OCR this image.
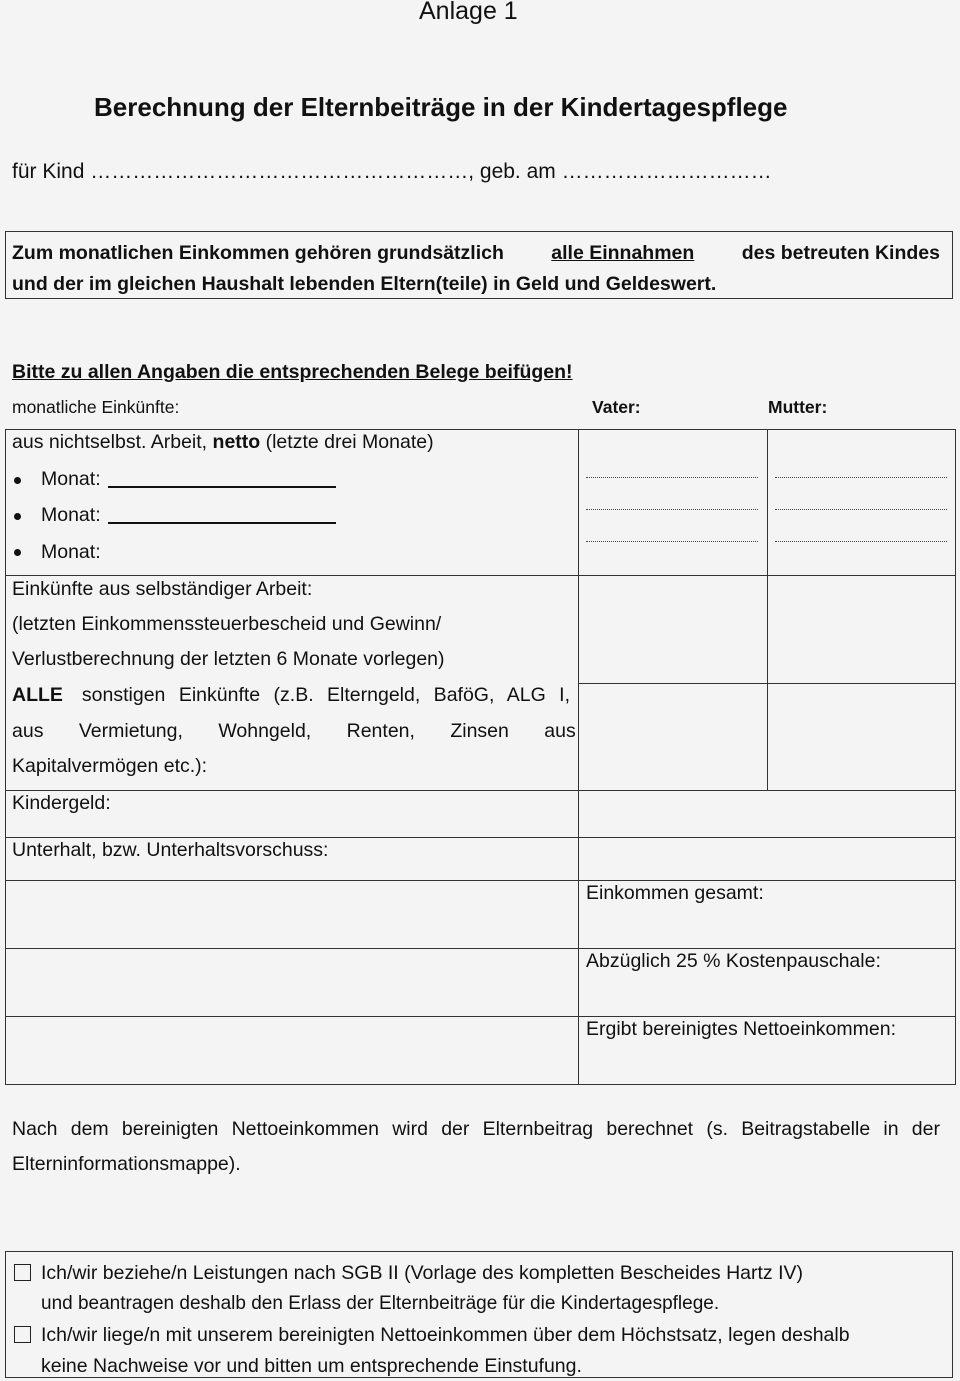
Anlage 1
Berechnung der Elternbeiträge in der Kindertagespflege
für Kind ………………………………………………, geb. am …………………………
Zum monatlichen Einkommen gehören grundsätzlich alle Einnahmen des betreuten Kindes
und der im gleichen Haushalt lebenden Eltern(teile) in Geld und Geldeswert.
Bitte zu allen Angaben die entsprechenden Belege beifügen!
monatliche Einkünfte:	Vater:	Mutter:
aus nichtselbst. Arbeit, netto (letzte drei Monate)
Monat:
Monat:
Monat:
Einkünfte aus selbständiger Arbeit:
(letzten Einkommenssteuerbescheid und Gewinn/
Verlustberechnung der letzten 6 Monate vorlegen)
ALLE sonstigen Einkünfte (z.B. Elterngeld, BaföG, ALG I,
aus Vermietung, Wohngeld, Renten, Zinsen aus
Kapitalvermögen etc.):
Kindergeld:
Unterhalt, bzw. Unterhaltsvorschuss:
Einkommen gesamt:
Abzüglich 25 % Kostenpauschale:
Ergibt bereinigtes Nettoeinkommen:
Nach dem bereinigten Nettoeinkommen wird der Elternbeitrag berechnet (s. Beitragstabelle in der
Elterninformationsmappe).
Ich/wir beziehe/n Leistungen nach SGB II (Vorlage des kompletten Bescheides Hartz IV)
und beantragen deshalb den Erlass der Elternbeiträge für die Kindertagespflege.
Ich/wir liege/n mit unserem bereinigten Nettoeinkommen über dem Höchstsatz, legen deshalb
keine Nachweise vor und bitten um entsprechende Einstufung.
